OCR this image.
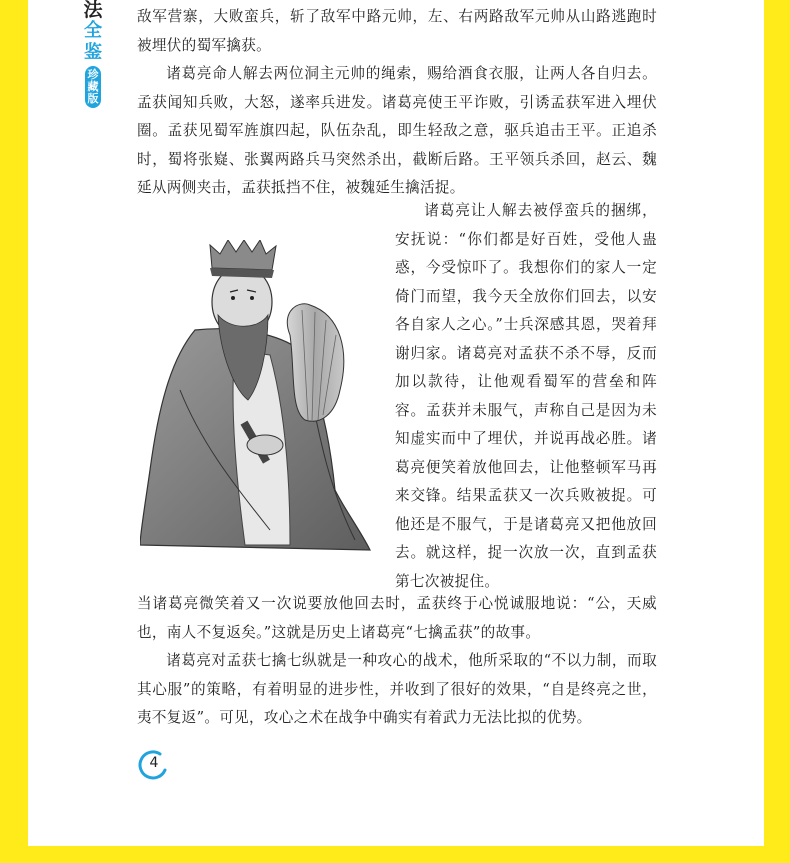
法
全
鉴
珍藏版

敌军营寨，大败蛮兵，斩了敌军中路元帅，左、右两路敌军元帅从山路逃跑时被埋伏的蜀军擒获。

诸葛亮命人解去两位洞主元帅的绳索，赐给酒食衣服，让两人各自归去。孟获闻知兵败，大怒，遂率兵进发。诸葛亮使王平诈败，引诱孟获军进入埋伏圈。孟获见蜀军旌旗四起，队伍杂乱，即生轻敌之意，驱兵追击王平。正追杀时，蜀将张嶷、张翼两路兵马突然杀出，截断后路。王平领兵杀回，赵云、魏延从两侧夹击，孟获抵挡不住，被魏延生擒活捉。

诸葛亮让人解去被俘蛮兵的捆绑，安抚说：“你们都是好百姓，受他人蛊惑，今受惊吓了。我想你们的家人一定倚门而望，我今天全放你们回去，以安各自家人之心。”士兵深感其恩，哭着拜谢归家。诸葛亮对孟获不杀不辱，反而加以款待，让他观看蜀军的营垒和阵容。孟获并未服气，声称自己是因为未知虚实而中了埋伏，并说再战必胜。诸葛亮便笑着放他回去，让他整顿军马再来交锋。结果孟获又一次兵败被捉。可他还是不服气，于是诸葛亮又把他放回去。就这样，捉一次放一次，直到孟获第七次被捉住。

当诸葛亮微笑着又一次说要放他回去时，孟获终于心悦诚服地说：“公，天威也，南人不复返矣。”这就是历史上诸葛亮“七擒孟获”的故事。

诸葛亮对孟获七擒七纵就是一种攻心的战术，他所采取的“不以力制，而取其心服”的策略，有着明显的进步性，并收到了很好的效果，“自是终亮之世，夷不复返”。可见，攻心之术在战争中确实有着武力无法比拟的优势。

4
